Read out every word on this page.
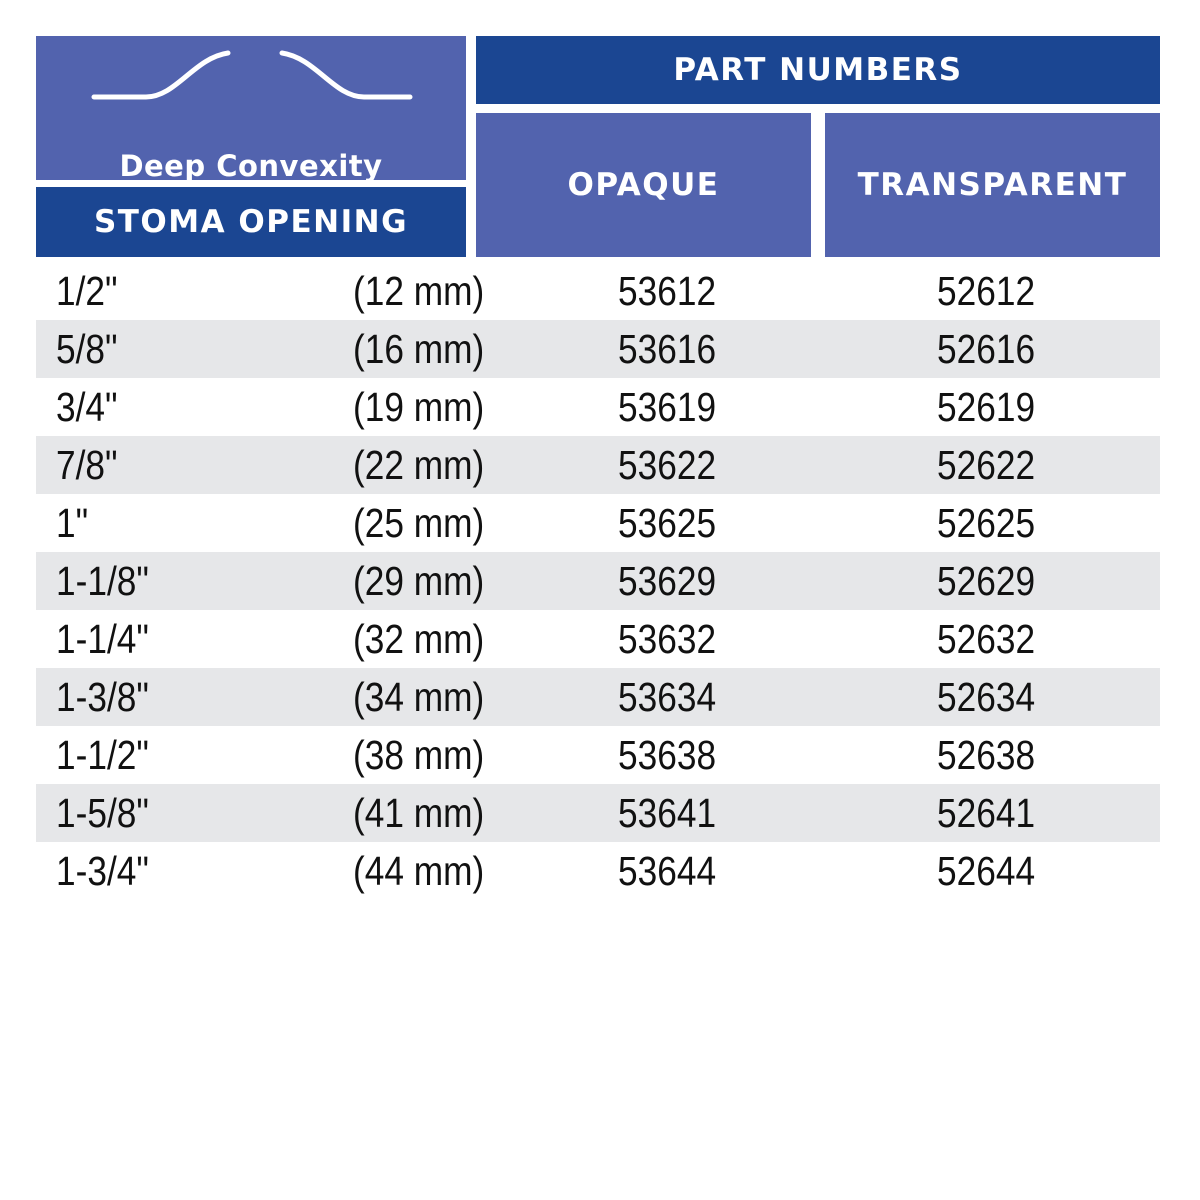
Deep Convexity
STOMA OPENING
PART NUMBERS
OPAQUE	TRANSPARENT
1/2"	(12 mm)	53612	52612
5/8"	(16 mm)	53616	52616
3/4"	(19 mm)	53619	52619
7/8"	(22 mm)	53622	52622
1"	(25 mm)	53625	52625
1-1/8"	(29 mm)	53629	52629
1-1/4"	(32 mm)	53632	52632
1-3/8"	(34 mm)	53634	52634
1-1/2"	(38 mm)	53638	52638
1-5/8"	(41 mm)	53641	52641
1-3/4"	(44 mm)	53644	52644
